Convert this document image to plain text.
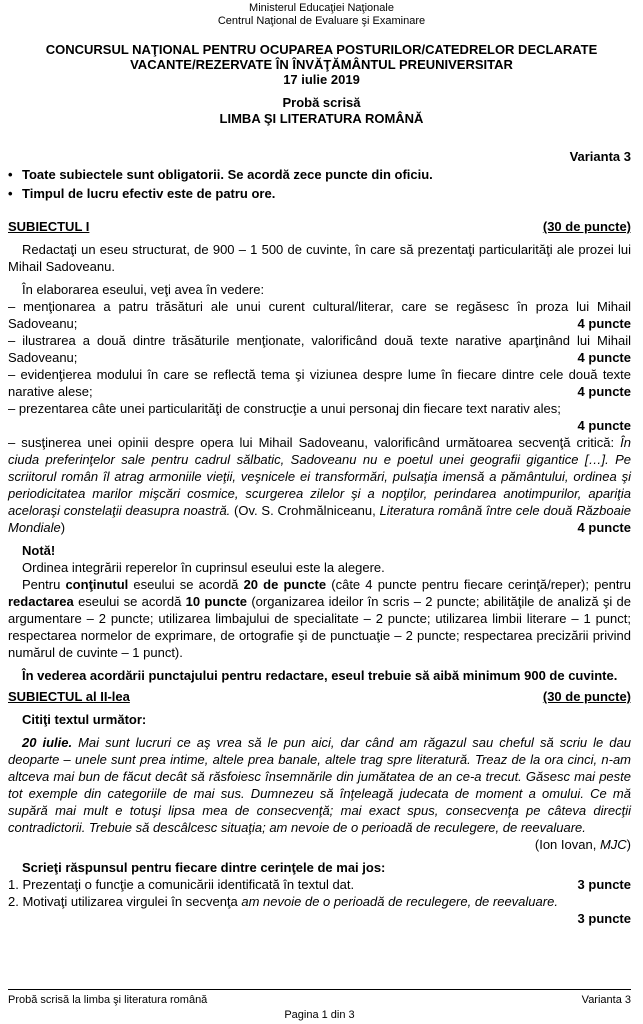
Ministerul Educaţiei Naţionale
Centrul Naţional de Evaluare şi Examinare
CONCURSUL NAŢIONAL PENTRU OCUPAREA POSTURILOR/CATEDRELOR DECLARATE
VACANTE/REZERVATE ÎN ÎNVĂŢĂMÂNTUL PREUNIVERSITAR
17 iulie 2019
Probă scrisă
LIMBA ŞI LITERATURA ROMÂNĂ
Varianta 3
• Toate subiectele sunt obligatorii. Se acordă zece puncte din oficiu.
• Timpul de lucru efectiv este de patru ore.
SUBIECTUL I	(30 de puncte)

Redactaţi un eseu structurat, de 900 – 1 500 de cuvinte, în care să prezentaţi particularităţi ale prozei lui Mihail Sadoveanu.

În elaborarea eseului, veţi avea în vedere:

– menţionarea a patru trăsături ale unui curent cultural/literar, care se regăsesc în proza lui Mihail Sadoveanu;	4 puncte

– ilustrarea a două dintre trăsăturile menţionate, valorificând două texte narative aparţinând lui Mihail Sadoveanu;	4 puncte

– evidenţierea modului în care se reflectă tema şi viziunea despre lume în fiecare dintre cele două texte narative alese;	4 puncte

– prezentarea câte unei particularităţi de construcţie a unui personaj din fiecare text narativ ales;

4 puncte

– susţinerea unei opinii despre opera lui Mihail Sadoveanu, valorificând următoarea secvenţă critică: În ciuda preferinţelor sale pentru cadrul sălbatic, Sadoveanu nu e poetul unei geografii gigantice […]. Pe scriitorul român îl atrag armoniile vieţii, veşnicele ei transformări, pulsaţia imensă a pământului, ordinea şi periodicitatea marilor mişcări cosmice, scurgerea zilelor şi a nopţilor, perindarea anotimpurilor, apariţia aceloraşi constelaţii deasupra noastră. (Ov. S. Crohmălniceanu, Literatura română între cele două Războaie Mondiale)	4 puncte
Notă!

Ordinea integrării reperelor în cuprinsul eseului este la alegere.

Pentru conţinutul eseului se acordă 20 de puncte (câte 4 puncte pentru fiecare cerinţă/reper); pentru redactarea eseului se acordă 10 puncte (organizarea ideilor în scris – 2 puncte; abilităţile de analiză şi de argumentare – 2 puncte; utilizarea limbajului de specialitate – 2 puncte; utilizarea limbii literare – 1 punct; respectarea normelor de exprimare, de ortografie şi de punctuaţie – 2 puncte; respectarea precizării privind numărul de cuvinte – 1 punct).

În vederea acordării punctajului pentru redactare, eseul trebuie să aibă minimum 900 de cuvinte.

SUBIECTUL al II-lea	(30 de puncte)
Citiţi textul următor:

20 iulie. Mai sunt lucruri ce aş vrea să le pun aici, dar când am răgazul sau cheful să scriu le dau deoparte – unele sunt prea intime, altele prea banale, altele trag spre literatură. Treaz de la ora cinci, n-am altceva mai bun de făcut decât să răsfoiesc însemnările din jumătatea de an ce-a trecut. Găsesc mai peste tot exemple din categoriile de mai sus. Dumnezeu să înţeleagă judecata de moment a omului. Ce mă supără mai mult e totuşi lipsa mea de consecvenţă; mai exact spus, consecvenţa pe câteva direcţii contradictorii. Trebuie să descâlcesc situaţia; am nevoie de o perioadă de reculegere, de reevaluare.

(Ion Iovan, MJC)
Scrieţi răspunsul pentru fiecare dintre cerinţele de mai jos:

1. Prezentaţi o funcţie a comunicării identificată în textul dat.	3 puncte

2. Motivaţi utilizarea virgulei în secvenţa am nevoie de o perioadă de reculegere, de reevaluare.

3 puncte
Probă scrisă la limba şi literatura română	Varianta 3
Pagina 1 din 3
